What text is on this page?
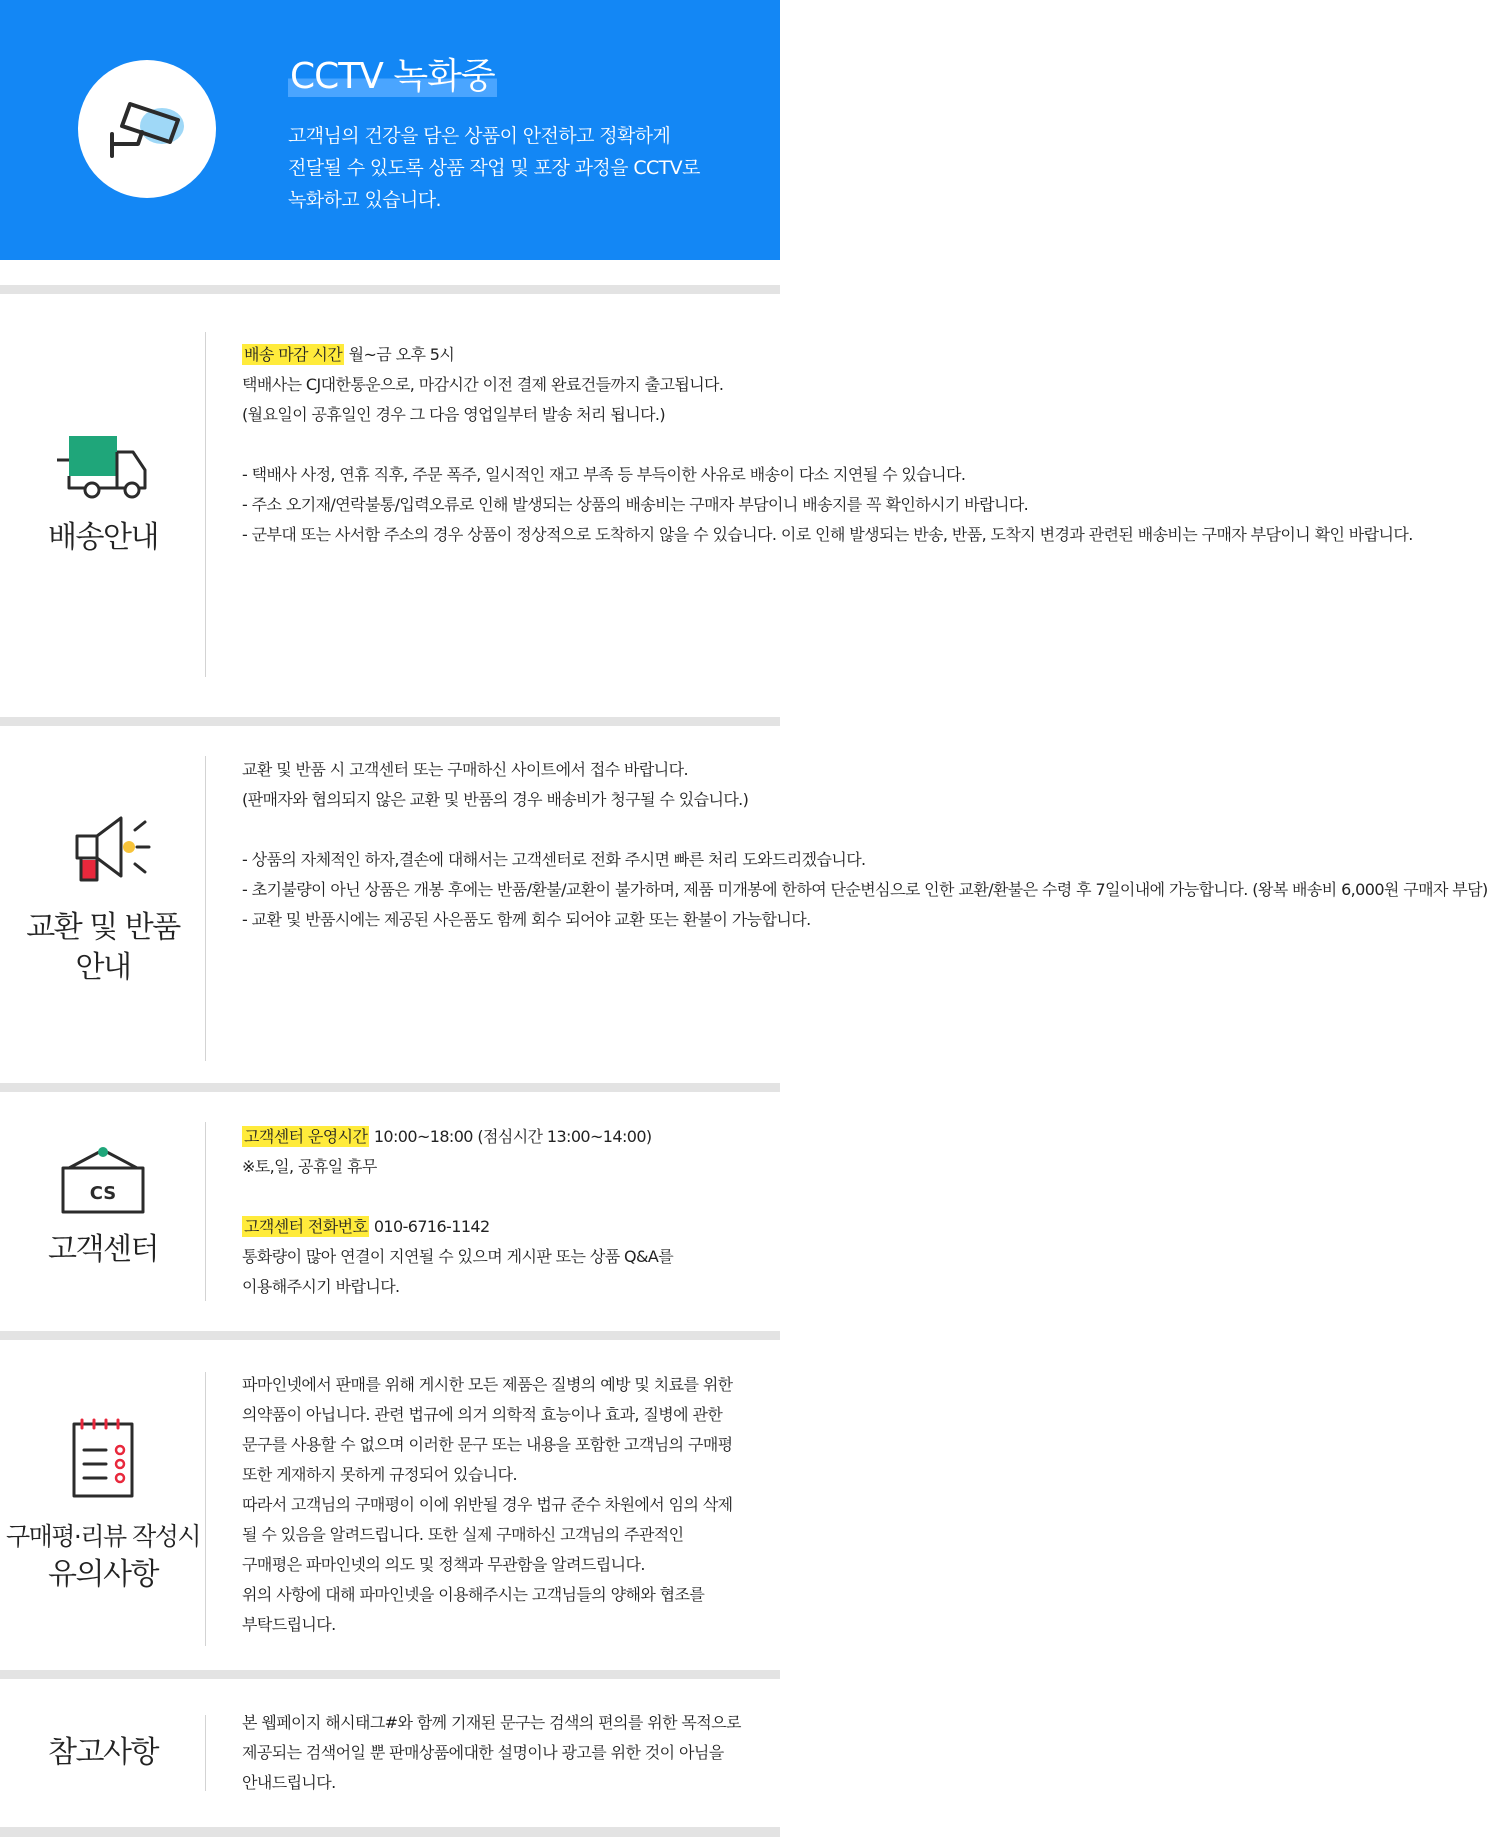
CCTV 녹화중

고객님의 건강을 담은 상품이 안전하고 정확하게

전달될 수 있도록 상품 작업 및 포장 과정을 CCTV로

녹화하고 있습니다.

배송안내

배송 마감 시간 월~금 오후 5시

택배사는 CJ대한통운으로, 마감시간 이전 결제 완료건들까지 출고됩니다.

(월요일이 공휴일인 경우 그 다음 영업일부터 발송 처리 됩니다.)

- 택배사 사정, 연휴 직후, 주문 폭주, 일시적인 재고 부족 등 부득이한 사유로 배송이 다소 지연될 수 있습니다.

- 주소 오기재/연락불통/입력오류로 인해 발생되는 상품의 배송비는 구매자 부담이니 배송지를 꼭 확인하시기 바랍니다.

- 군부대 또는 사서함 주소의 경우 상품이 정상적으로 도착하지 않을 수 있습니다. 이로 인해 발생되는 반송, 반품, 도착지 변경과 관련된 배송비는 구매자 부담이니 확인 바랍니다.

교환 및 반품
안내

교환 및 반품 시 고객센터 또는 구매하신 사이트에서 접수 바랍니다.

(판매자와 협의되지 않은 교환 및 반품의 경우 배송비가 청구될 수 있습니다.)

- 상품의 자체적인 하자,결손에 대해서는 고객센터로 전화 주시면 빠른 처리 도와드리겠습니다.

- 초기불량이 아닌 상품은 개봉 후에는 반품/환불/교환이 불가하며, 제품 미개봉에 한하여 단순변심으로 인한 교환/환불은 수령 후 7일이내에 가능합니다. (왕복 배송비 6,000원 구매자 부담)

- 교환 및 반품시에는 제공된 사은품도 함께 회수 되어야 교환 또는 환불이 가능합니다.

CS
고객센터

고객센터 운영시간 10:00~18:00 (점심시간 13:00~14:00)

※토,일, 공휴일 휴무

고객센터 전화번호 010-6716-1142

통화량이 많아 연결이 지연될 수 있으며 게시판 또는 상품 Q&A를

이용해주시기 바랍니다.

구매평·리뷰 작성시
유의사항

파마인넷에서 판매를 위해 게시한 모든 제품은 질병의 예방 및 치료를 위한

의약품이 아닙니다. 관련 법규에 의거 의학적 효능이나 효과, 질병에 관한

문구를 사용할 수 없으며 이러한 문구 또는 내용을 포함한 고객님의 구매평

또한 게재하지 못하게 규정되어 있습니다.

따라서 고객님의 구매평이 이에 위반될 경우 법규 준수 차원에서 임의 삭제

될 수 있음을 알려드립니다. 또한 실제 구매하신 고객님의 주관적인

구매평은 파마인넷의 의도 및 정책과 무관함을 알려드립니다.

위의 사항에 대해 파마인넷을 이용해주시는 고객님들의 양해와 협조를

부탁드립니다.

참고사항

본 웹페이지 해시태그#와 함께 기재된 문구는 검색의 편의를 위한 목적으로

제공되는 검색어일 뿐 판매상품에대한 설명이나 광고를 위한 것이 아님을

안내드립니다.
